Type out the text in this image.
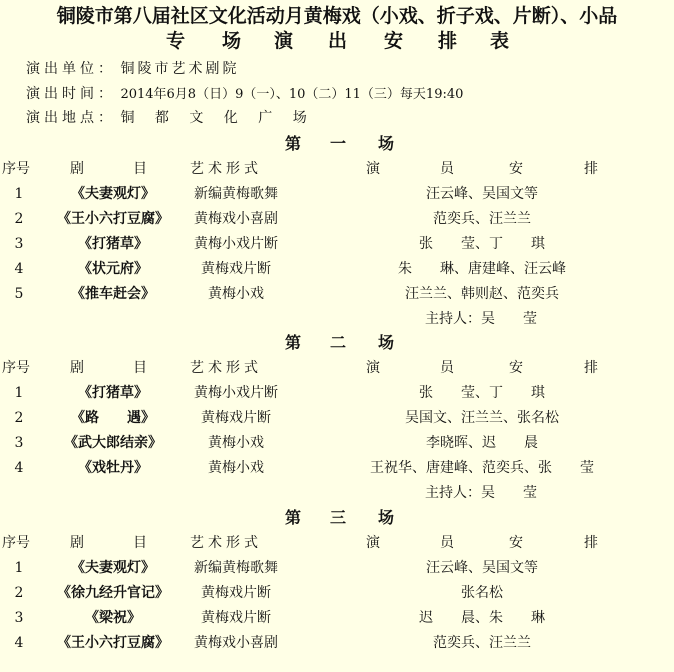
铜陵市第八届社区文化活动月黄梅戏（小戏、折子戏、片断）、小品
专 场 演 出 安 排 表
演出单位： 铜陵市艺术剧院
演出时间： 2014年6月8（日）9（一）、10（二）11（三）每天19:40
演出地点： 铜 都 文 化 广 场
第 一 场
序号	剧	目	艺术形式	演	员	安	排
1	《夫妻观灯》	新编黄梅歌舞	汪云峰、吴国文等
2	《王小六打豆腐》	黄梅戏小喜剧	范奕兵、汪兰兰
3	《打猪草》	黄梅小戏片断	张　　莹、丁　　琪
4	《状元府》	黄梅戏片断	朱　　琳、唐建峰、汪云峰
5	《推车赶会》	黄梅小戏	汪兰兰、韩则赵、范奕兵
主持人：吴　　莹
第 二 场
序号	剧	目	艺术形式	演	员	安	排
1	《打猪草》	黄梅小戏片断	张　　莹、丁　　琪
2	《路　　遇》	黄梅戏片断	吴国文、汪兰兰、张名松
3	《武大郎结亲》	黄梅小戏	李晓晖、迟　　晨
4	《戏牡丹》	黄梅小戏	王祝华、唐建峰、范奕兵、张　　莹
主持人：吴　　莹
第 三 场
序号	剧	目	艺术形式	演	员	安	排
1	《夫妻观灯》	新编黄梅歌舞	汪云峰、吴国文等
2	《徐九经升官记》	黄梅戏片断	张名松
3	《梁祝》	黄梅戏片断	迟　　晨、朱　　琳
4	《王小六打豆腐》	黄梅戏小喜剧	范奕兵、汪兰兰
